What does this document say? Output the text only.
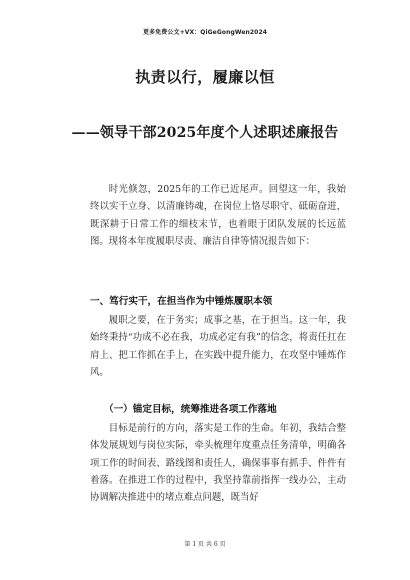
更多免费公文+VX：QiGeGongWen2024
执责以行，履廉以恒
——领导干部2025年度个人述职述廉报告

时光倏忽，2025年的工作已近尾声。回望这一年，我始终以实干立身、以清廉铸魂，在岗位上恪尽职守、砥砺奋进，既深耕于日常工作的细枝末节，也着眼于团队发展的长远蓝图。现将本年度履职尽责、廉洁自律等情况报告如下：

一、笃行实干，在担当作为中锤炼履职本领

履职之要，在于务实；成事之基，在于担当。这一年，我始终秉持“功成不必在我，功成必定有我”的信念，将责任扛在肩上、把工作抓在手上，在实践中提升能力，在攻坚中锤炼作风。

（一）锚定目标，统筹推进各项工作落地

目标是前行的方向，落实是工作的生命。年初，我结合整体发展规划与岗位实际，牵头梳理年度重点任务清单，明确各项工作的时间表、路线图和责任人，确保事事有抓手、件件有着落。在推进工作的过程中，我坚持靠前指挥一线办公，主动协调解决推进中的堵点难点问题，既当好

第 1 页 共 6 页
